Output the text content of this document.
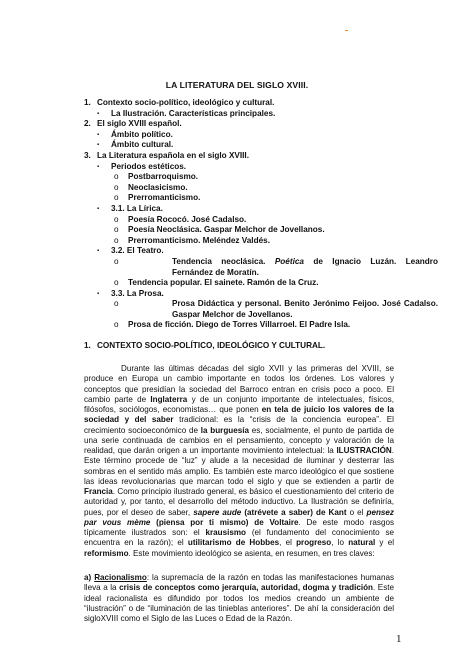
LA LITERATURA DEL SIGLO XVIII.
1. Contexto socio-político, ideológico y cultural.
▪ La Ilustración. Características principales.
2. El siglo XVIII español.
▪ Ámbito político.
▪ Ámbito cultural.
3. La Literatura española en el siglo XVIII.
▪ Periodos estéticos.
o Postbarroquismo.
o Neoclasicismo.
o Prerromanticismo.
▪ 3.1. La Lírica.
o Poesía Rococó. José Cadalso.
o Poesía Neoclásica. Gaspar Melchor de Jovellanos.
o Prerromanticismo. Meléndez Valdés.
▪ 3.2. El Teatro.
o	Tendencia neoclásica. Poética de Ignacio Luzán. Leandro Fernández de Moratín.
o Tendencia popular. El sainete. Ramón de la Cruz.
▪ 3.3. La Prosa.
o	Prosa Didáctica y personal. Benito Jerónimo Feijoo. José Cadalso. Gaspar Melchor de Jovellanos.
o Prosa de ficción. Diego de Torres Villarroel. El Padre Isla.
1. CONTEXTO SOCIO-POLÍTICO, IDEOLÓGICO Y CULTURAL.

Durante las últimas décadas del siglo XVII y las primeras del XVIII, se produce en Europa un cambio importante en todos los órdenes. Los valores y conceptos que presidían la sociedad del Barroco entran en crisis poco a poco. El cambio parte de Inglaterra y de un conjunto importante de intelectuales, físicos, filósofos, sociólogos, economistas… que ponen en tela de juicio los valores de la sociedad y del saber tradicional: es la “crisis de la conciencia europea”. El crecimiento socioeconómico de la burguesía es, socialmente, el punto de partida de una serie continuada de cambios en el pensamiento, concepto y valoración de la realidad, que darán origen a un importante movimiento intelectual: la ILUSTRACIÓN. Este término procede de “luz” y alude a la necesidad de iluminar y desterrar las sombras en el sentido más amplio. Es también este marco ideológico el que sostiene las ideas revolucionarias que marcan todo el siglo y que se extienden a partir de Francia. Como principio ilustrado general, es básico el cuestionamiento del criterio de autoridad y, por tanto, el desarrollo del método inductivo. La Ilustración se definiría, pues, por el deseo de saber, sapere aude (atrévete a saber) de Kant o el pensez par vous mème (piensa por ti mismo) de Voltaire. De este modo rasgos típicamente ilustrados son: el krausismo (el fundamento del conocimiento se encuentra en la razón); el utilitarismo de Hobbes, el progreso, lo natural y el reformismo. Este movimiento ideológico se asienta, en resumen, en tres claves:

a) Racionalismo: la supremacía de la razón en todas las manifestaciones humanas lleva a la crisis de conceptos como jerarquía, autoridad, dogma y tradición. Este ideal racionalista es difundido por todos los medios creando un ambiente de “ilustración” o de “iluminación de las tinieblas anteriores”. De ahí la consideración del sigloXVIII como el Siglo de las Luces o Edad de la Razón.

1
